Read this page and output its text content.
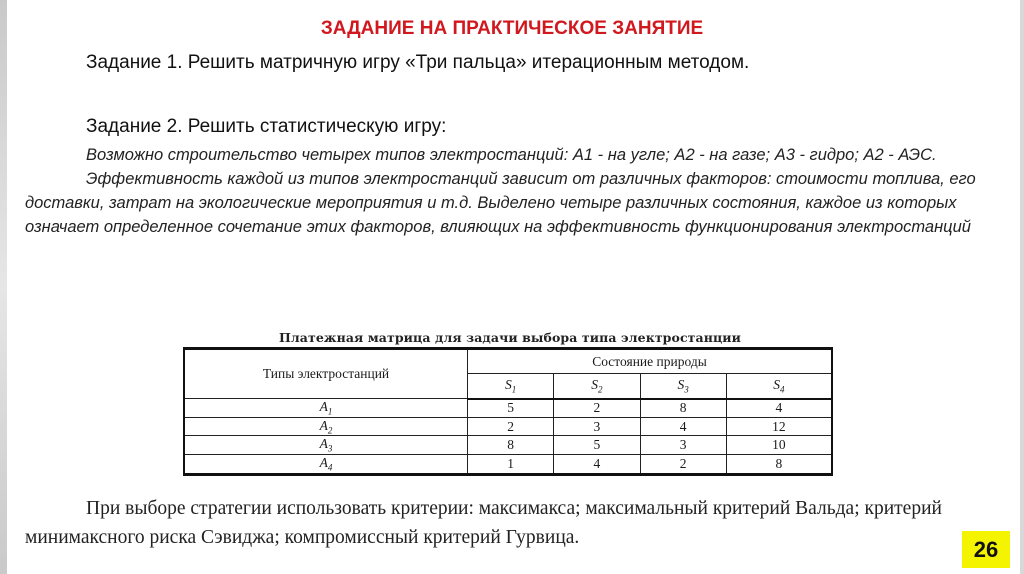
ЗАДАНИЕ НА ПРАКТИЧЕСКОЕ ЗАНЯТИЕ
Задание 1. Решить матричную игру «Три пальца» итерационным методом.
Задание 2. Решить статистическую игру:

Возможно строительство четырех типов электростанций: А1 - на угле; А2 - на газе; А3 - гидро; А2 - АЭС.

Эффективность каждой из типов электростанций зависит от различных факторов: стоимости топлива, его доставки, затрат на экологические мероприятия и т.д. Выделено четыре различных состояния, каждое из которых означает определенное сочетание этих факторов, влияющих на эффективность функционирования электростанций

Платежная матрица для задачи выбора типа электростанции
Типы электростанций	Состояние природы			
	$S_1$	$S_2$	$S_3$	$S_4$
$A_1$	5	2	8	4
$A_2$	2	3	4	12
$A_3$	8	5	3	10
$A_4$	1	4	2	8

При выборе стратегии использовать критерии: максимакса; максимальный критерий Вальда; критерий минимаксного риска Сэвиджа; компромиссный критерий Гурвица.	26
